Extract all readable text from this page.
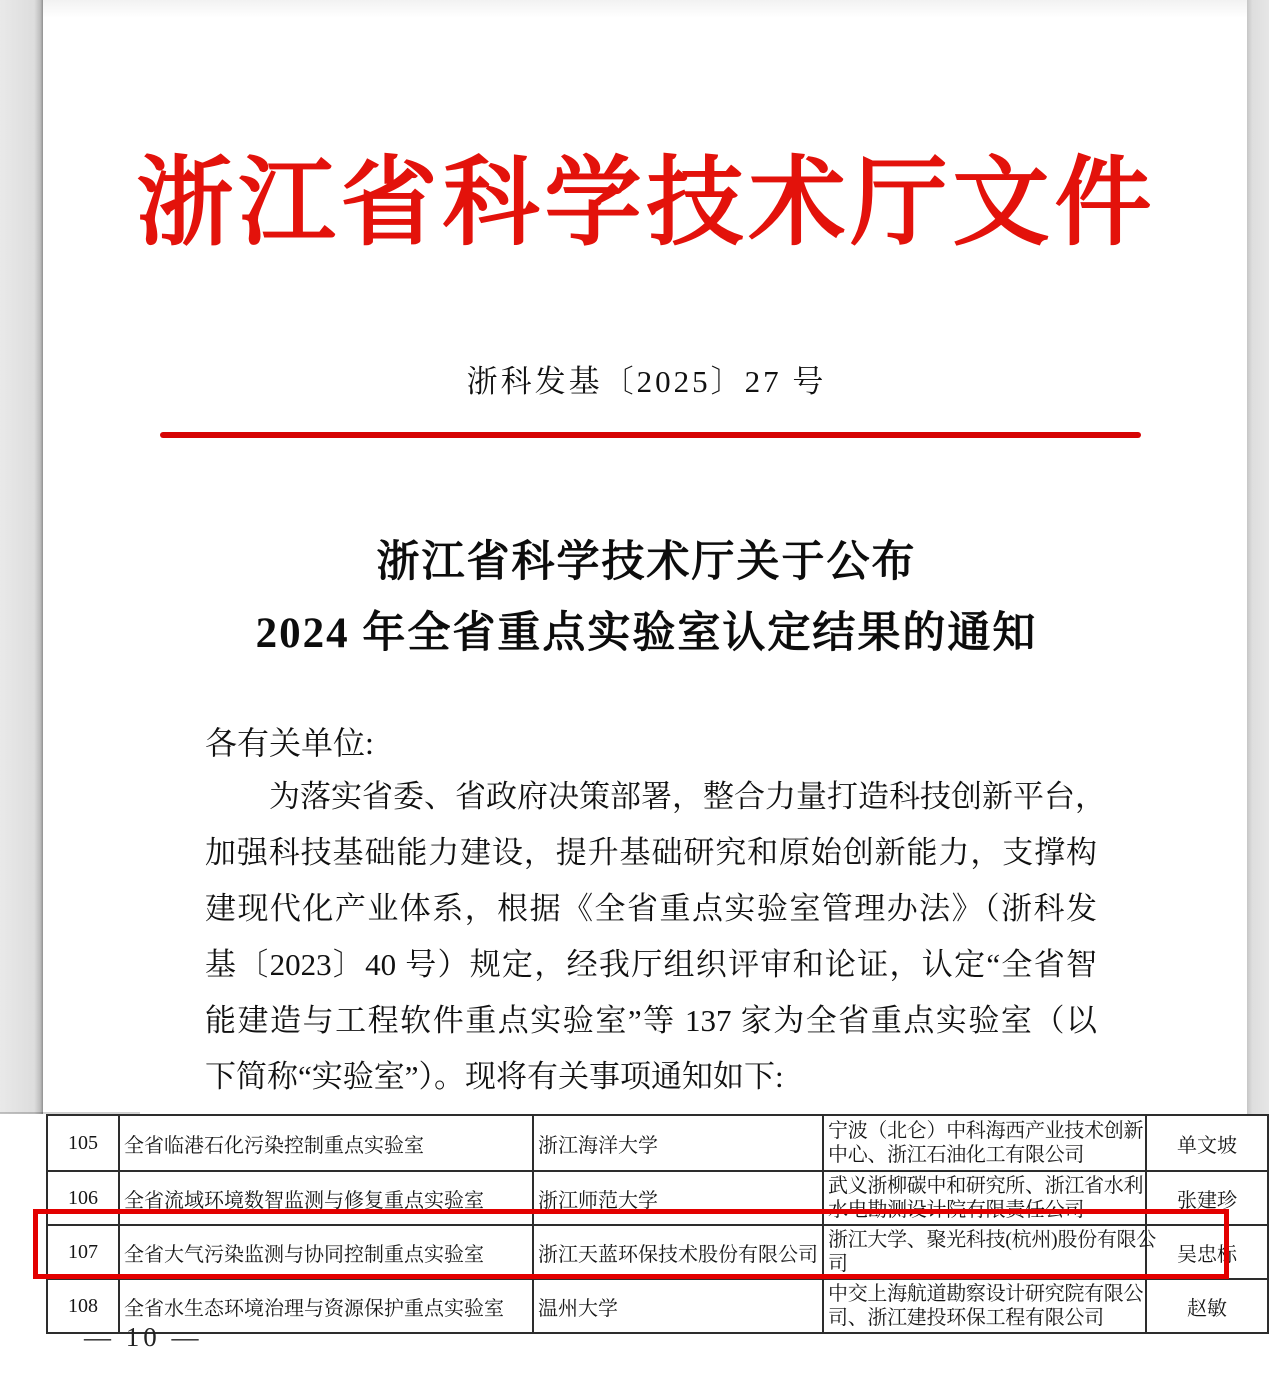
浙江省科学技术厅文件
浙科发基〔2025〕27 号
浙江省科学技术厅关于公布
2024 年全省重点实验室认定结果的通知
各有关单位:
为落实省委、省政府决策部署，整合力量打造科技创新平台，
加强科技基础能力建设，提升基础研究和原始创新能力，支撑构
建现代化产业体系，根据《全省重点实验室管理办法》（浙科发
基〔2023〕40 号）规定，经我厅组织评审和论证，认定“全省智
能建造与工程软件重点实验室”等 137 家为全省重点实验室（以
下简称“实验室”）。现将有关事项通知如下:
105	全省临港石化污染控制重点实验室	浙江海洋大学	宁波（北仑）中科海西产业技术创新
中心、浙江石油化工有限公司	单文坡
106	全省流域环境数智监测与修复重点实验室	浙江师范大学	武义浙柳碳中和研究所、浙江省水利
水电勘测设计院有限责任公司	张建珍
107	全省大气污染监测与协同控制重点实验室	浙江天蓝环保技术股份有限公司	浙江大学、聚光科技(杭州)股份有限公
司	吴忠标
108	全省水生态环境治理与资源保护重点实验室	温州大学	中交上海航道勘察设计研究院有限公
司、浙江建投环保工程有限公司	赵敏
— 10 —
